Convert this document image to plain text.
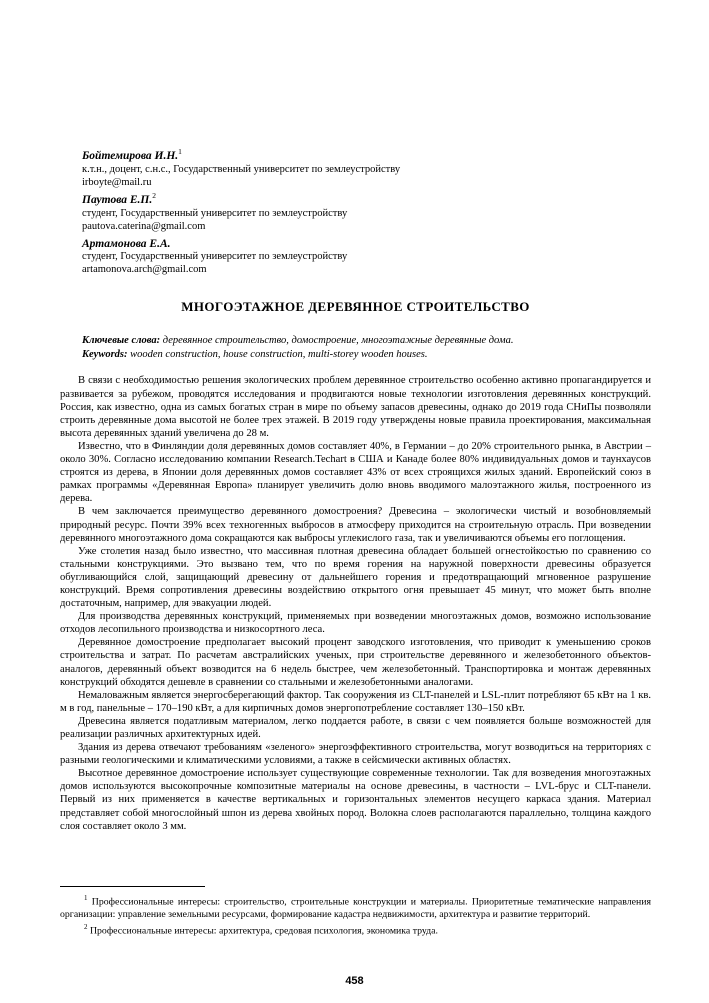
Бойтемирова И.Н.$^1$
к.т.н., доцент, с.н.с., Государственный университет по землеустройству
irboyte@mail.ru
Паутова Е.П.$^2$
студент, Государственный университет по землеустройству
pautova.caterina@gmail.com
Артамонова Е.А.
студент, Государственный университет по землеустройству
artamonova.arch@gmail.com
МНОГОЭТАЖНОЕ ДЕРЕВЯННОЕ СТРОИТЕЛЬСТВО
Ключевые слова: деревянное строительство, домостроение, многоэтажные деревянные дома.
Keywords: wooden construction, house construction, multi-storey wooden houses.

В связи с необходимостью решения экологических проблем деревянное строительство особенно активно пропагандируется и развивается за рубежом, проводятся исследования и продвигаются новые технологии изготовления деревянных конструкций. Россия, как известно, одна из самых богатых стран в мире по объему запасов древесины, однако до 2019 года СНиПы позволяли строить деревянные дома высотой не более трех этажей. В 2019 году утверждены новые правила проектирования, максимальная высота деревянных зданий увеличена до 28 м.

Известно, что в Финляндии доля деревянных домов составляет 40%, в Германии – до 20% строительного рынка, в Австрии – около 30%. Согласно исследованию компании Research.Techart в США и Канаде более 80% индивидуальных домов и таунхаусов строятся из дерева, в Японии доля деревянных домов составляет 43% от всех строящихся жилых зданий. Европейский союз в рамках программы «Деревянная Европа» планирует увеличить долю вновь вводимого малоэтажного жилья, построенного из дерева.

В чем заключается преимущество деревянного домостроения? Древесина – экологически чистый и возобновляемый природный ресурс. Почти 39% всех техногенных выбросов в атмосферу приходится на строительную отрасль. При возведении деревянного многоэтажного дома сокращаются как выбросы углекислого газа, так и увеличиваются объемы его поглощения.

Уже столетия назад было известно, что массивная плотная древесина обладает большей огнестойкостью по сравнению со стальными конструкциями. Это вызвано тем, что по время горения на наружной поверхности древесины образуется обугливающийся слой, защищающий древесину от дальнейшего горения и предотвращающий мгновенное разрушение конструкций. Время сопротивления древесины воздействию открытого огня превышает 45 минут, что может быть вполне достаточным, например, для эвакуации людей.

Для производства деревянных конструкций, применяемых при возведении многоэтажных домов, возможно использование отходов лесопильного производства и низкосортного леса.

Деревянное домостроение предполагает высокий процент заводского изготовления, что приводит к уменьшению сроков строительства и затрат. По расчетам австралийских ученых, при строительстве деревянного и железобетонного объектов-аналогов, деревянный объект возводится на 6 недель быстрее, чем железобетонный. Транспортировка и монтаж деревянных конструкций обходятся дешевле в сравнении со стальными и железобетонными аналогами.

Немаловажным является энергосберегающий фактор. Так сооружения из CLT-панелей и LSL-плит потребляют 65 кВт на 1 кв. м в год, панельные – 170–190 кВт, а для кирпичных домов энергопотребление составляет 130–150 кВт.

Древесина является податливым материалом, легко поддается работе, в связи с чем появляется больше возможностей для реализации различных архитектурных идей.

Здания из дерева отвечают требованиям «зеленого» энергоэффективного строительства, могут возводиться на территориях с разными геологическими и климатическими условиями, а также в сейсмически активных областях.

Высотное деревянное домостроение использует существующие современные технологии. Так для возведения многоэтажных домов используются высокопрочные композитные материалы на основе древесины, в частности – LVL-брус и CLT-панели. Первый из них применяется в качестве вертикальных и горизонтальных элементов несущего каркаса здания. Материал представляет собой многослойный шпон из дерева хвойных пород. Волокна слоев располагаются параллельно, толщина каждого слоя составляет около 3 мм.

$^1$ Профессиональные интересы: строительство, строительные конструкции и материалы. Приоритетные тематические направления организации: управление земельными ресурсами, формирование кадастра недвижимости, архитектура и развитие территорий.
$^2$ Профессиональные интересы: архитектура, средовая психология, экономика труда.
458
